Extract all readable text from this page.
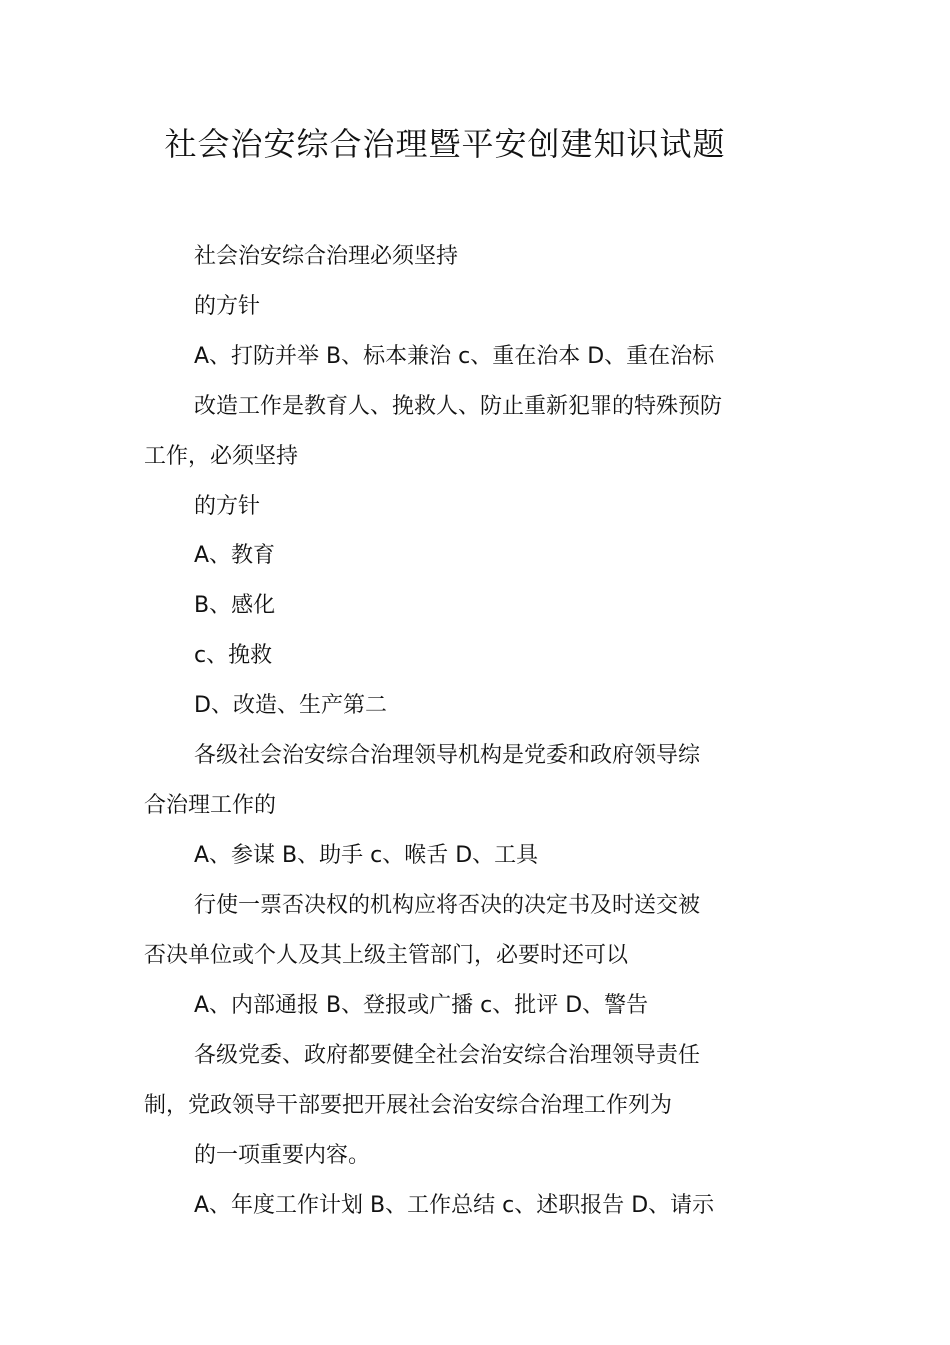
社会治安综合治理暨平安创建知识试题
社会治安综合治理必须坚持
的方针
A、打防并举 B、标本兼治 c、重在治本 D、重在治标
改造工作是教育人、挽救人、防止重新犯罪的特殊预防
工作，必须坚持
的方针
A、教育
B、感化
c、挽救
D、改造、生产第二
各级社会治安综合治理领导机构是党委和政府领导综
合治理工作的
A、参谋 B、助手 c、喉舌 D、工具
行使一票否决权的机构应将否决的决定书及时送交被
否决单位或个人及其上级主管部门，必要时还可以
A、内部通报 B、登报或广播 c、批评 D、警告
各级党委、政府都要健全社会治安综合治理领导责任
制，党政领导干部要把开展社会治安综合治理工作列为
的一项重要内容。
A、年度工作计划 B、工作总结 c、述职报告 D、请示
